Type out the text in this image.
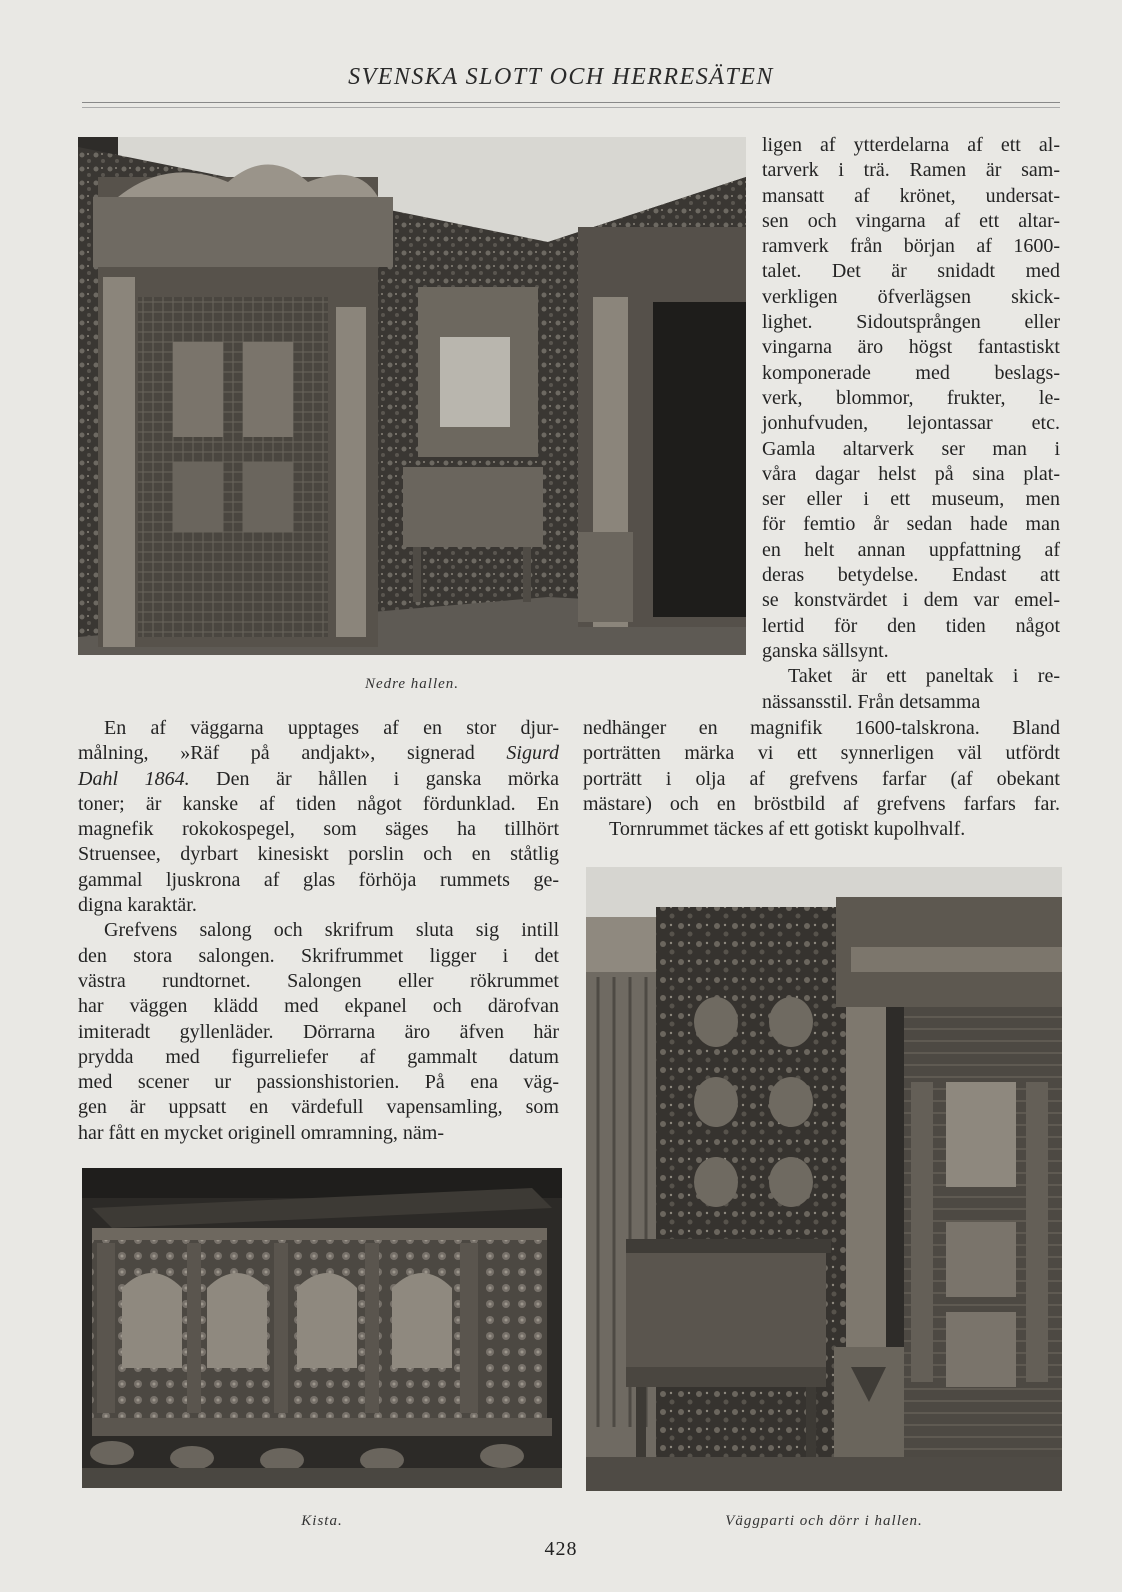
SVENSKA SLOTT OCH HERRESÄTEN
Nedre hallen.
ligen af ytterdelarna af ett al-
tarverk i trä. Ramen är sam-
mansatt af krönet, undersat-
sen och vingarna af ett altar-
ramverk från början af 1600-
talet. Det är snidadt med
verkligen öfverlägsen skick-
lighet. Sidoutsprången eller
vingarna äro högst fantastiskt
komponerade med beslags-
verk, blommor, frukter, le-
jonhufvuden, lejontassar etc.
Gamla altarverk ser man i
våra dagar helst på sina plat-
ser eller i ett museum, men
för femtio år sedan hade man
en helt annan uppfattning af
deras betydelse. Endast att
se konstvärdet i dem var emel-
lertid för den tiden något
ganska sällsynt.
Taket är ett paneltak i re-
nässansstil. Från detsamma
nedhänger en magnifik 1600-talskrona. Bland
porträtten märka vi ett synnerligen väl utfördt
porträtt i olja af grefvens farfar (af obekant
mästare) och en bröstbild af grefvens farfars far.
Tornrummet täckes af ett gotiskt kupolhvalf.
En af väggarna upptages af en stor djur-
målning, »Räf på andjakt», signerad Sigurd
Dahl 1864. Den är hållen i ganska mörka
toner; är kanske af tiden något fördunklad. En
magnefik rokokospegel, som säges ha tillhört
Struensee, dyrbart kinesiskt porslin och en ståtlig
gammal ljuskrona af glas förhöja rummets ge-
digna karaktär.
Grefvens salong och skrifrum sluta sig intill
den stora salongen. Skrifrummet ligger i det
västra rundtornet. Salongen eller rökrummet
har väggen klädd med ekpanel och därofvan
imiteradt gyllenläder. Dörrarna äro äfven här
prydda med figurreliefer af gammalt datum
med scener ur passionshistorien. På ena väg-
gen är uppsatt en värdefull vapensamling, som
har fått en mycket originell omramning, näm-
Kista.	Väggparti och dörr i hallen.
428
